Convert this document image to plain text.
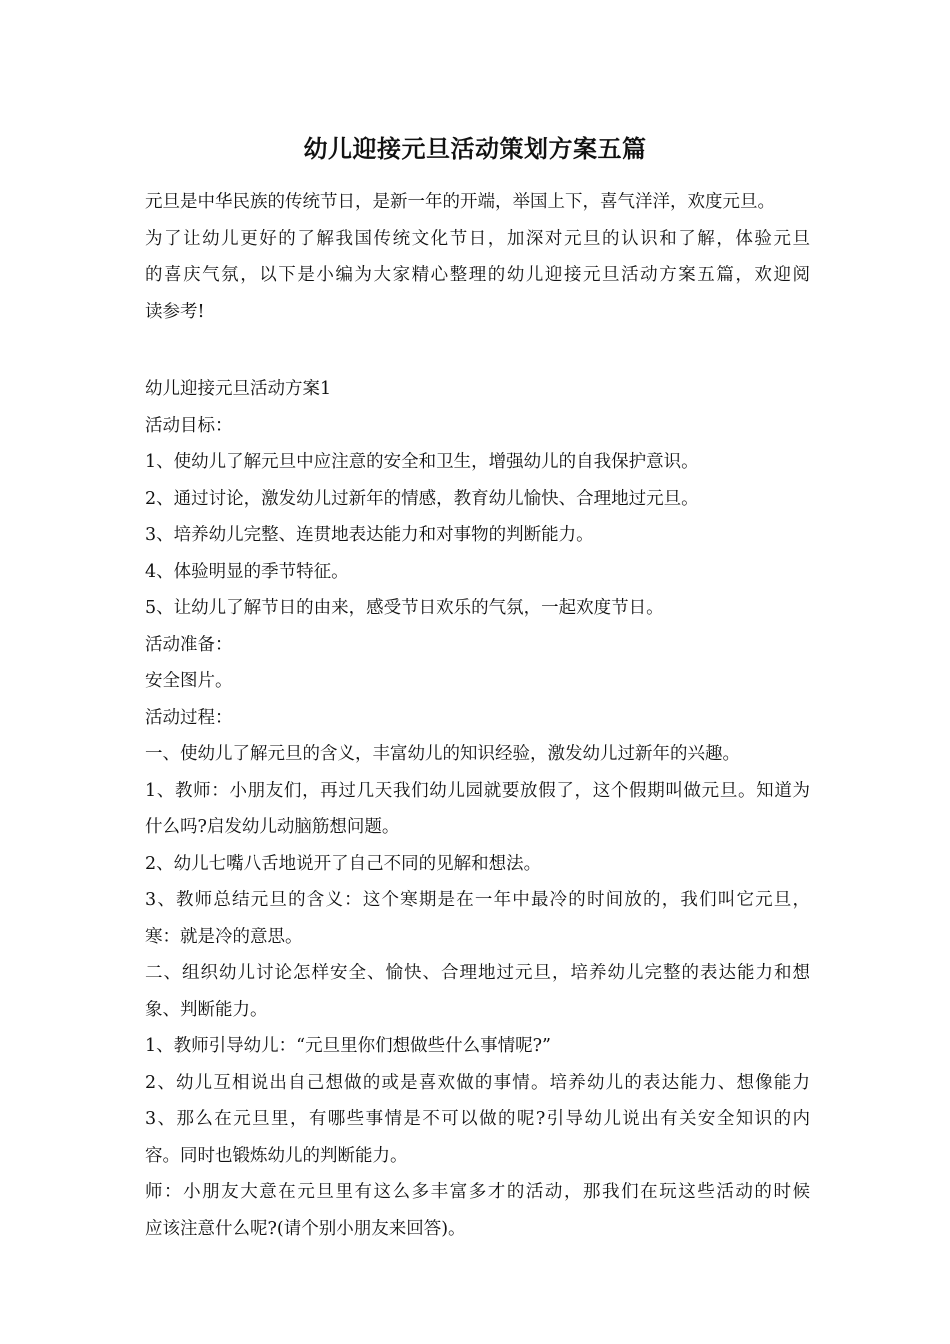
幼儿迎接元旦活动策划方案五篇
元旦是中华民族的传统节日，是新一年的开端，举国上下，喜气洋洋，欢度元旦。
为了让幼儿更好的了解我国传统文化节日，加深对元旦的认识和了解，体验元旦
的喜庆气氛，以下是小编为大家精心整理的幼儿迎接元旦活动方案五篇，欢迎阅
读参考!
幼儿迎接元旦活动方案1
活动目标：
1、使幼儿了解元旦中应注意的安全和卫生，增强幼儿的自我保护意识。
2、通过讨论，激发幼儿过新年的情感，教育幼儿愉快、合理地过元旦。
3、培养幼儿完整、连贯地表达能力和对事物的判断能力。
4、体验明显的季节特征。
5、让幼儿了解节日的由来，感受节日欢乐的气氛，一起欢度节日。
活动准备：
安全图片。
活动过程：
一、使幼儿了解元旦的含义，丰富幼儿的知识经验，激发幼儿过新年的兴趣。
1、教师：小朋友们，再过几天我们幼儿园就要放假了，这个假期叫做元旦。知道为
什么吗?启发幼儿动脑筋想问题。
2、幼儿七嘴八舌地说开了自己不同的见解和想法。
3、教师总结元旦的含义：这个寒期是在一年中最冷的时间放的，我们叫它元旦，
寒：就是冷的意思。
二、组织幼儿讨论怎样安全、愉快、合理地过元旦，培养幼儿完整的表达能力和想
象、判断能力。
1、教师引导幼儿：“元旦里你们想做些什么事情呢?”
2、幼儿互相说出自己想做的或是喜欢做的事情。培养幼儿的表达能力、想像能力
3、那么在元旦里，有哪些事情是不可以做的呢?引导幼儿说出有关安全知识的内
容。同时也锻炼幼儿的判断能力。
师：小朋友大意在元旦里有这么多丰富多才的活动，那我们在玩这些活动的时候
应该注意什么呢?(请个别小朋友来回答)。
